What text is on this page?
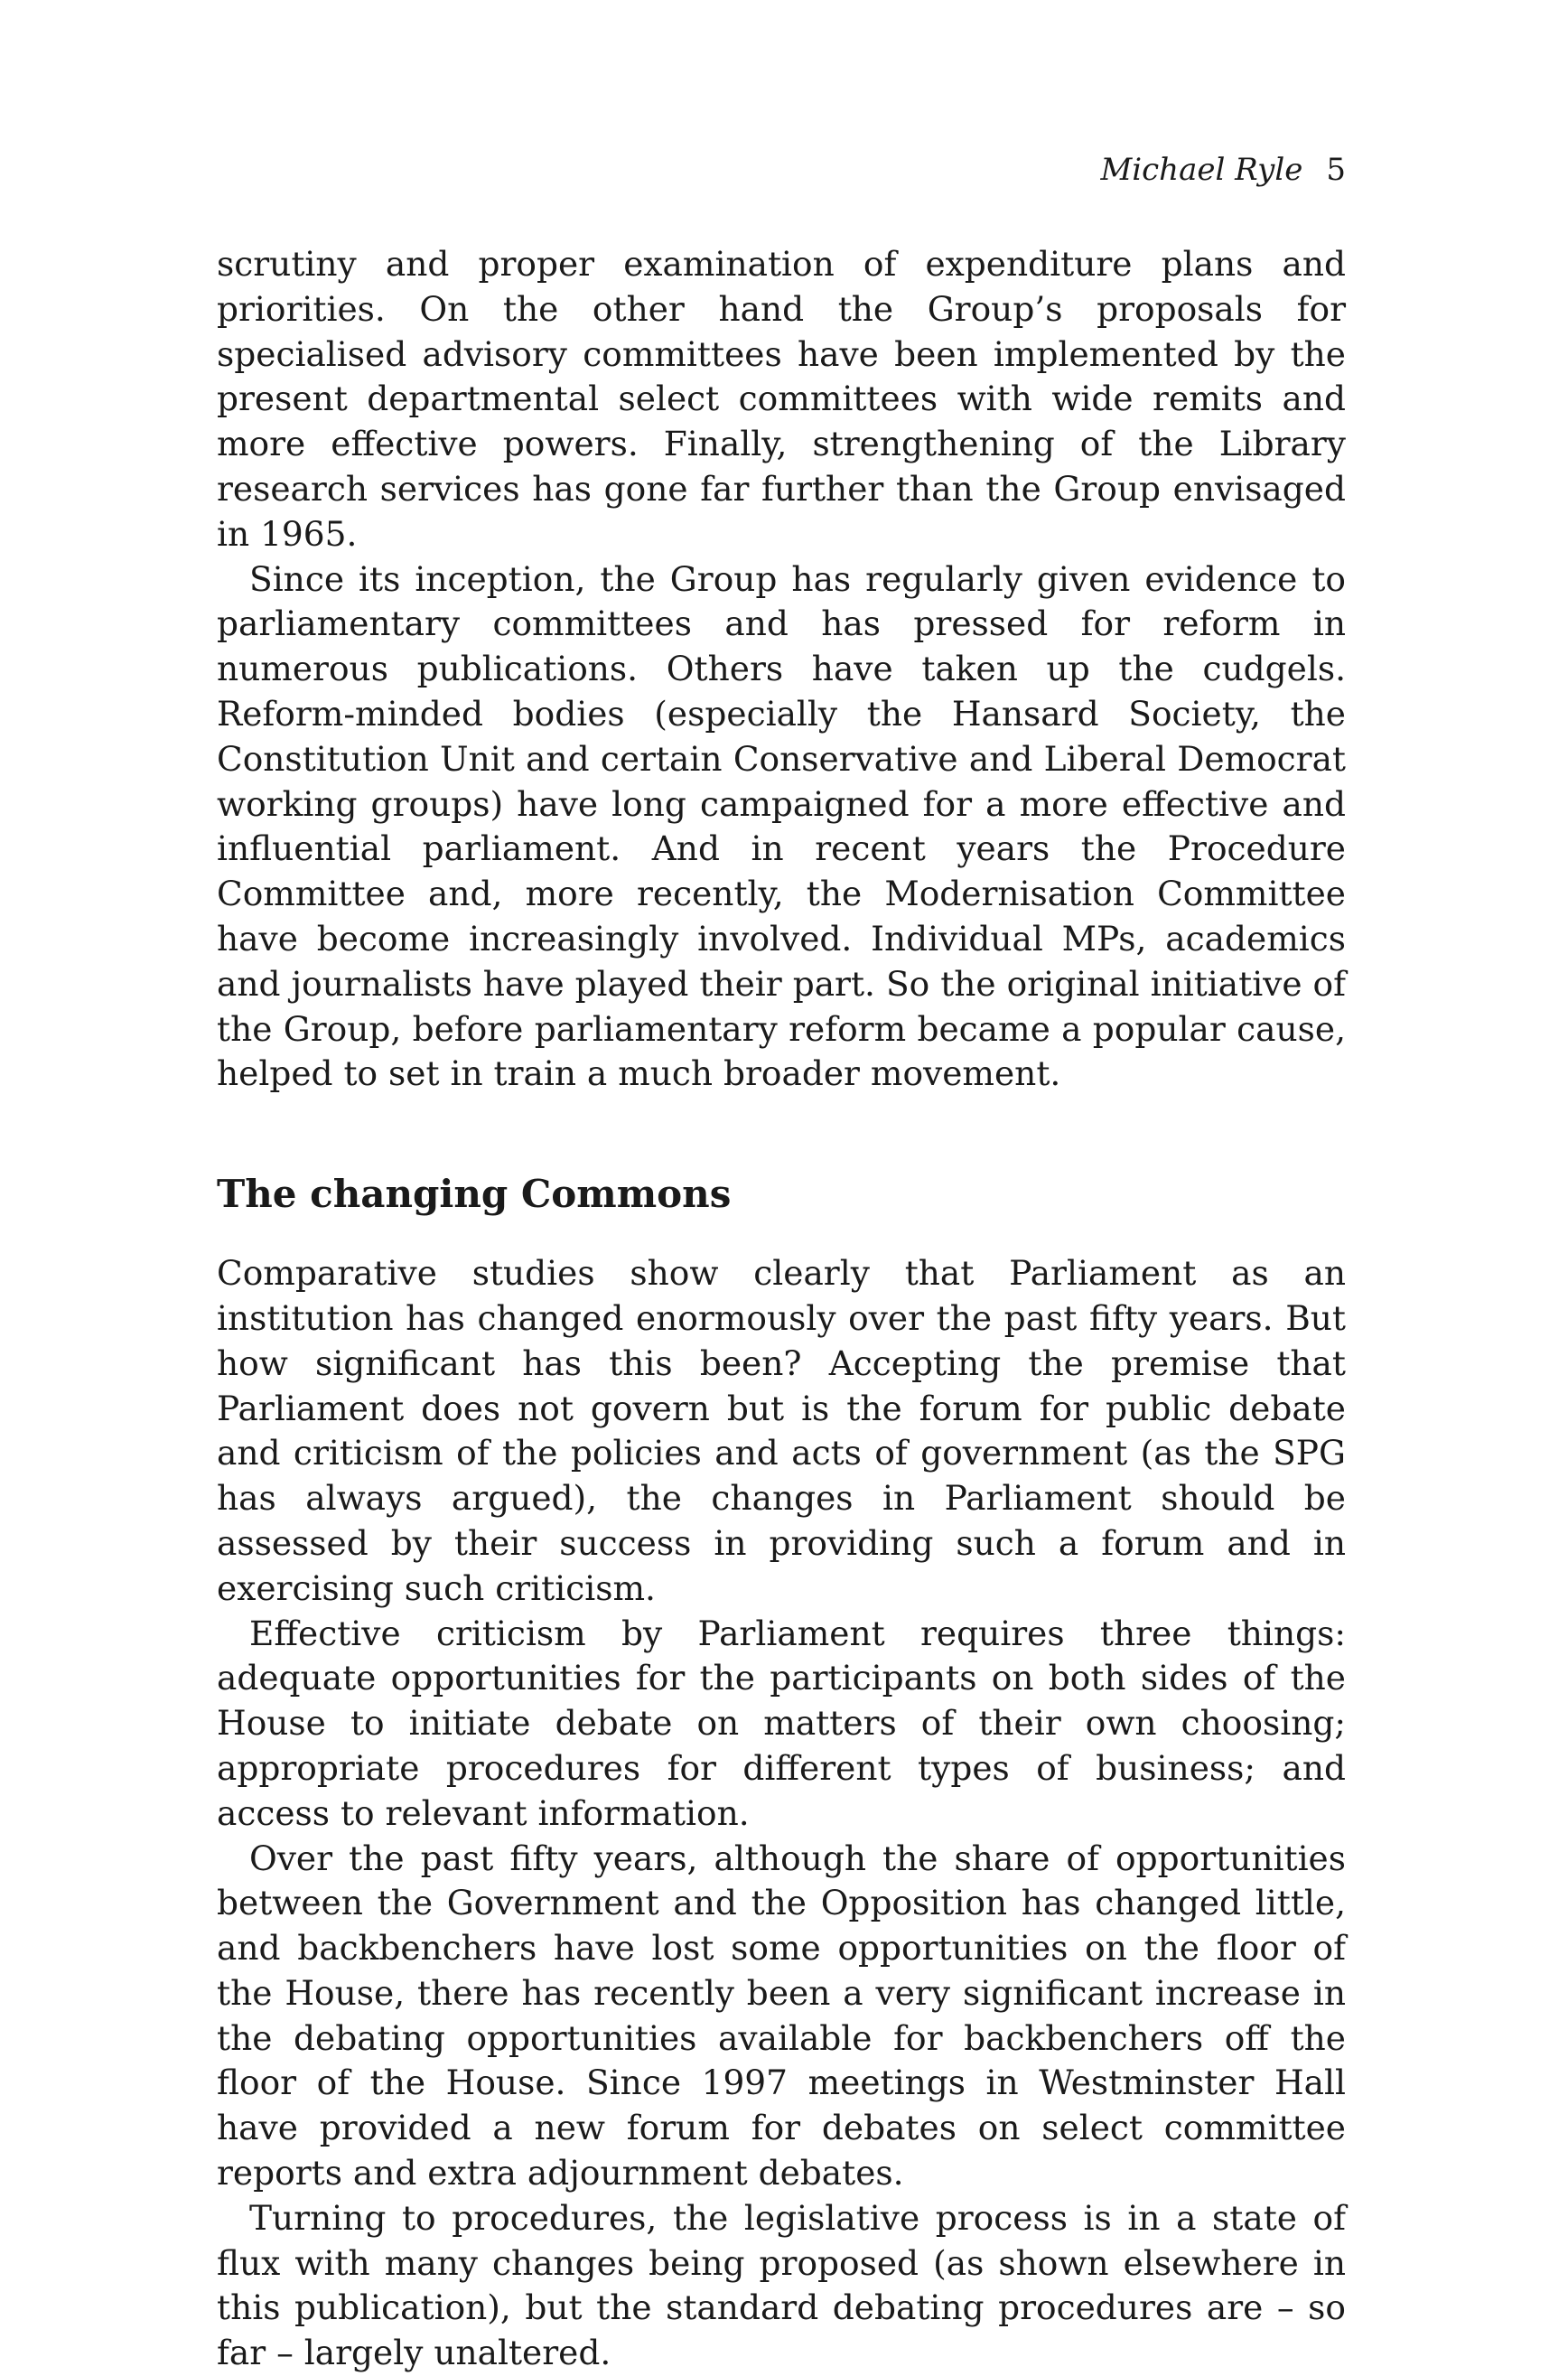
Michael Ryle 5

scrutiny and proper examination of expenditure plans and priorities. On the other hand the Group’s proposals for specialised advisory committees have been implemented by the present departmental select committees with wide remits and more effective powers. Finally, strengthening of the Library research services has gone far further than the Group envisaged in 1965.

Since its inception, the Group has regularly given evidence to parliamentary committees and has pressed for reform in numerous publications. Others have taken up the cudgels. Reform-minded bodies (especially the Hansard Society, the Constitution Unit and certain Conservative and Liberal Democrat working groups) have long campaigned for a more effective and influential parliament. And in recent years the Procedure Committee and, more recently, the Modernisation Committee have become increasingly involved. Individual MPs, academics and journalists have played their part. So the original initiative of the Group, before parliamentary reform became a popular cause, helped to set in train a much broader movement.

The changing Commons

Comparative studies show clearly that Parliament as an institution has changed enormously over the past fifty years. But how significant has this been? Accepting the premise that Parliament does not govern but is the forum for public debate and criticism of the policies and acts of government (as the SPG has always argued), the changes in Parliament should be assessed by their success in providing such a forum and in exercising such criticism.

Effective criticism by Parliament requires three things: adequate opportunities for the participants on both sides of the House to initiate debate on matters of their own choosing; appropriate procedures for different types of business; and access to relevant information.

Over the past fifty years, although the share of opportunities between the Government and the Opposition has changed little, and backbenchers have lost some opportunities on the floor of the House, there has recently been a very significant increase in the debating opportunities available for backbenchers off the floor of the House. Since 1997 meetings in Westminster Hall have provided a new forum for debates on select committee reports and extra adjournment debates.

Turning to procedures, the legislative process is in a state of flux with many changes being proposed (as shown elsewhere in this publication), but the standard debating procedures are – so far – largely unaltered.
